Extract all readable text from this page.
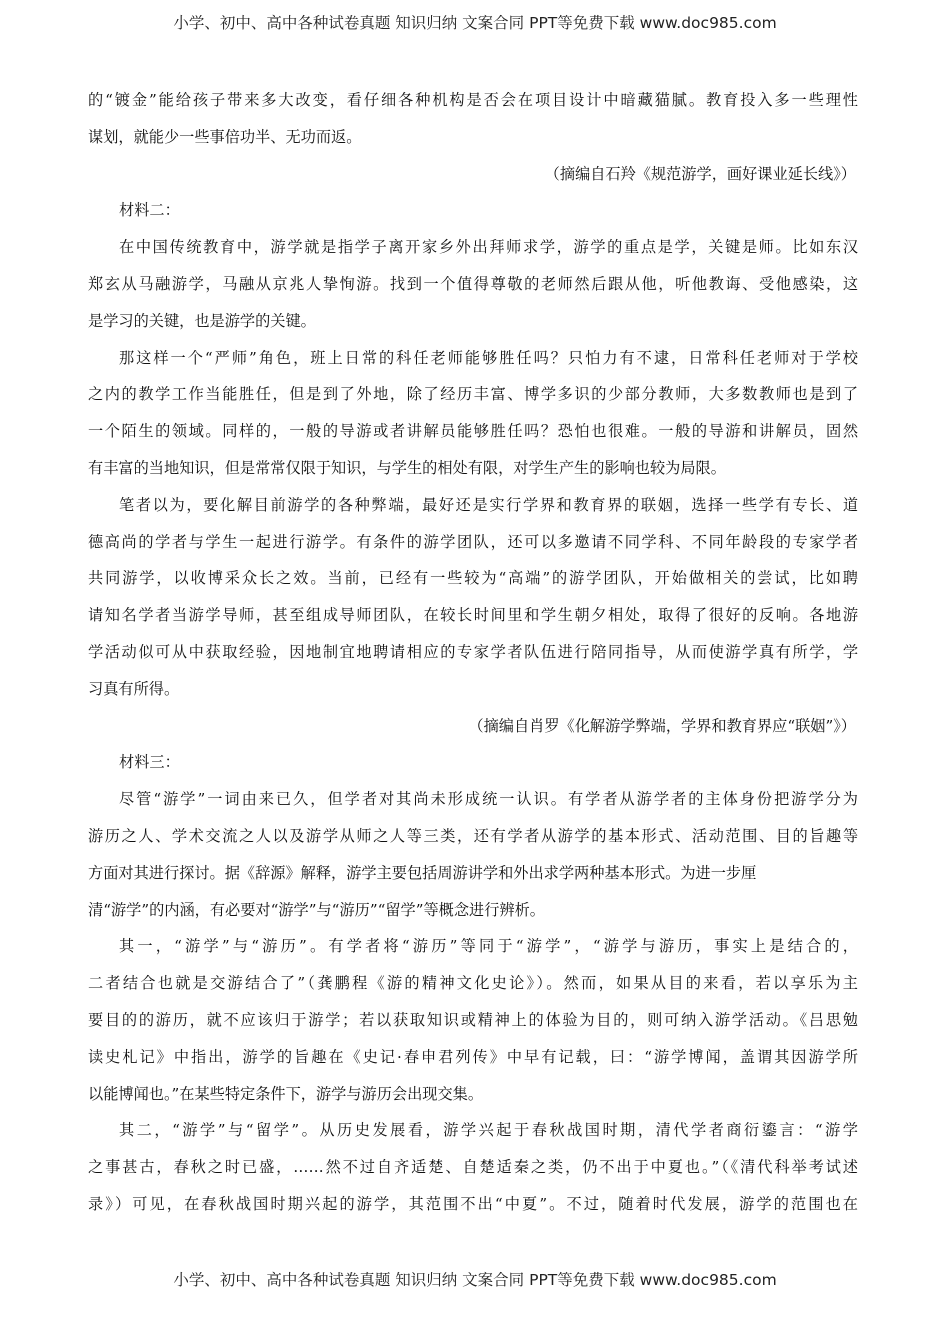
小学、初中、高中各种试卷真题 知识归纳 文案合同 PPT等免费下载 www.doc985.com
的“镀金”能给孩子带来多大改变，看仔细各种机构是否会在项目设计中暗藏猫腻。教育投入多一些理性
谋划，就能少一些事倍功半、无功而返。
（摘编自石羚《规范游学，画好课业延长线》）
材料二：
在中国传统教育中，游学就是指学子离开家乡外出拜师求学，游学的重点是学，关键是师。比如东汉
郑玄从马融游学，马融从京兆人挚恂游。找到一个值得尊敬的老师然后跟从他，听他教诲、受他感染，这
是学习的关键，也是游学的关键。
那这样一个“严师”角色，班上日常的科任老师能够胜任吗？只怕力有不逮，日常科任老师对于学校
之内的教学工作当能胜任，但是到了外地，除了经历丰富、博学多识的少部分教师，大多数教师也是到了
一个陌生的领域。同样的，一般的导游或者讲解员能够胜任吗？恐怕也很难。一般的导游和讲解员，固然
有丰富的当地知识，但是常常仅限于知识，与学生的相处有限，对学生产生的影响也较为局限。
笔者以为，要化解目前游学的各种弊端，最好还是实行学界和教育界的联姻，选择一些学有专长、道
德高尚的学者与学生一起进行游学。有条件的游学团队，还可以多邀请不同学科、不同年龄段的专家学者
共同游学，以收博采众长之效。当前，已经有一些较为“高端”的游学团队，开始做相关的尝试，比如聘
请知名学者当游学导师，甚至组成导师团队，在较长时间里和学生朝夕相处，取得了很好的反响。各地游
学活动似可从中获取经验，因地制宜地聘请相应的专家学者队伍进行陪同指导，从而使游学真有所学，学
习真有所得。
（摘编自肖罗《化解游学弊端，学界和教育界应“联姻”》）
材料三：
尽管“游学”一词由来已久，但学者对其尚未形成统一认识。有学者从游学者的主体身份把游学分为
游历之人、学术交流之人以及游学从师之人等三类，还有学者从游学的基本形式、活动范围、目的旨趣等
方面对其进行探讨。据《辞源》解释，游学主要包括周游讲学和外出求学两种基本形式。为进一步厘
清“游学”的内涵，有必要对“游学”与“游历”“留学”等概念进行辨析。
其一，“游学”与“游历”。有学者将“游历”等同于“游学”，“游学与游历，事实上是结合的，
二者结合也就是交游结合了”（龚鹏程《游的精神文化史论》）。然而，如果从目的来看，若以享乐为主
要目的的游历，就不应该归于游学；若以获取知识或精神上的体验为目的，则可纳入游学活动。《吕思勉
读史札记》中指出，游学的旨趣在《史记·春申君列传》中早有记载，曰：“游学博闻，盖谓其因游学所
以能博闻也。”在某些特定条件下，游学与游历会出现交集。
其二，“游学”与“留学”。从历史发展看，游学兴起于春秋战国时期，清代学者商衍鎏言：“游学
之事甚古，春秋之时已盛，……然不过自齐适楚、自楚适秦之类，仍不出于中夏也。”（《清代科举考试述
录》）可见，在春秋战国时期兴起的游学，其范围不出“中夏”。不过，随着时代发展，游学的范围也在
小学、初中、高中各种试卷真题 知识归纳 文案合同 PPT等免费下载 www.doc985.com
